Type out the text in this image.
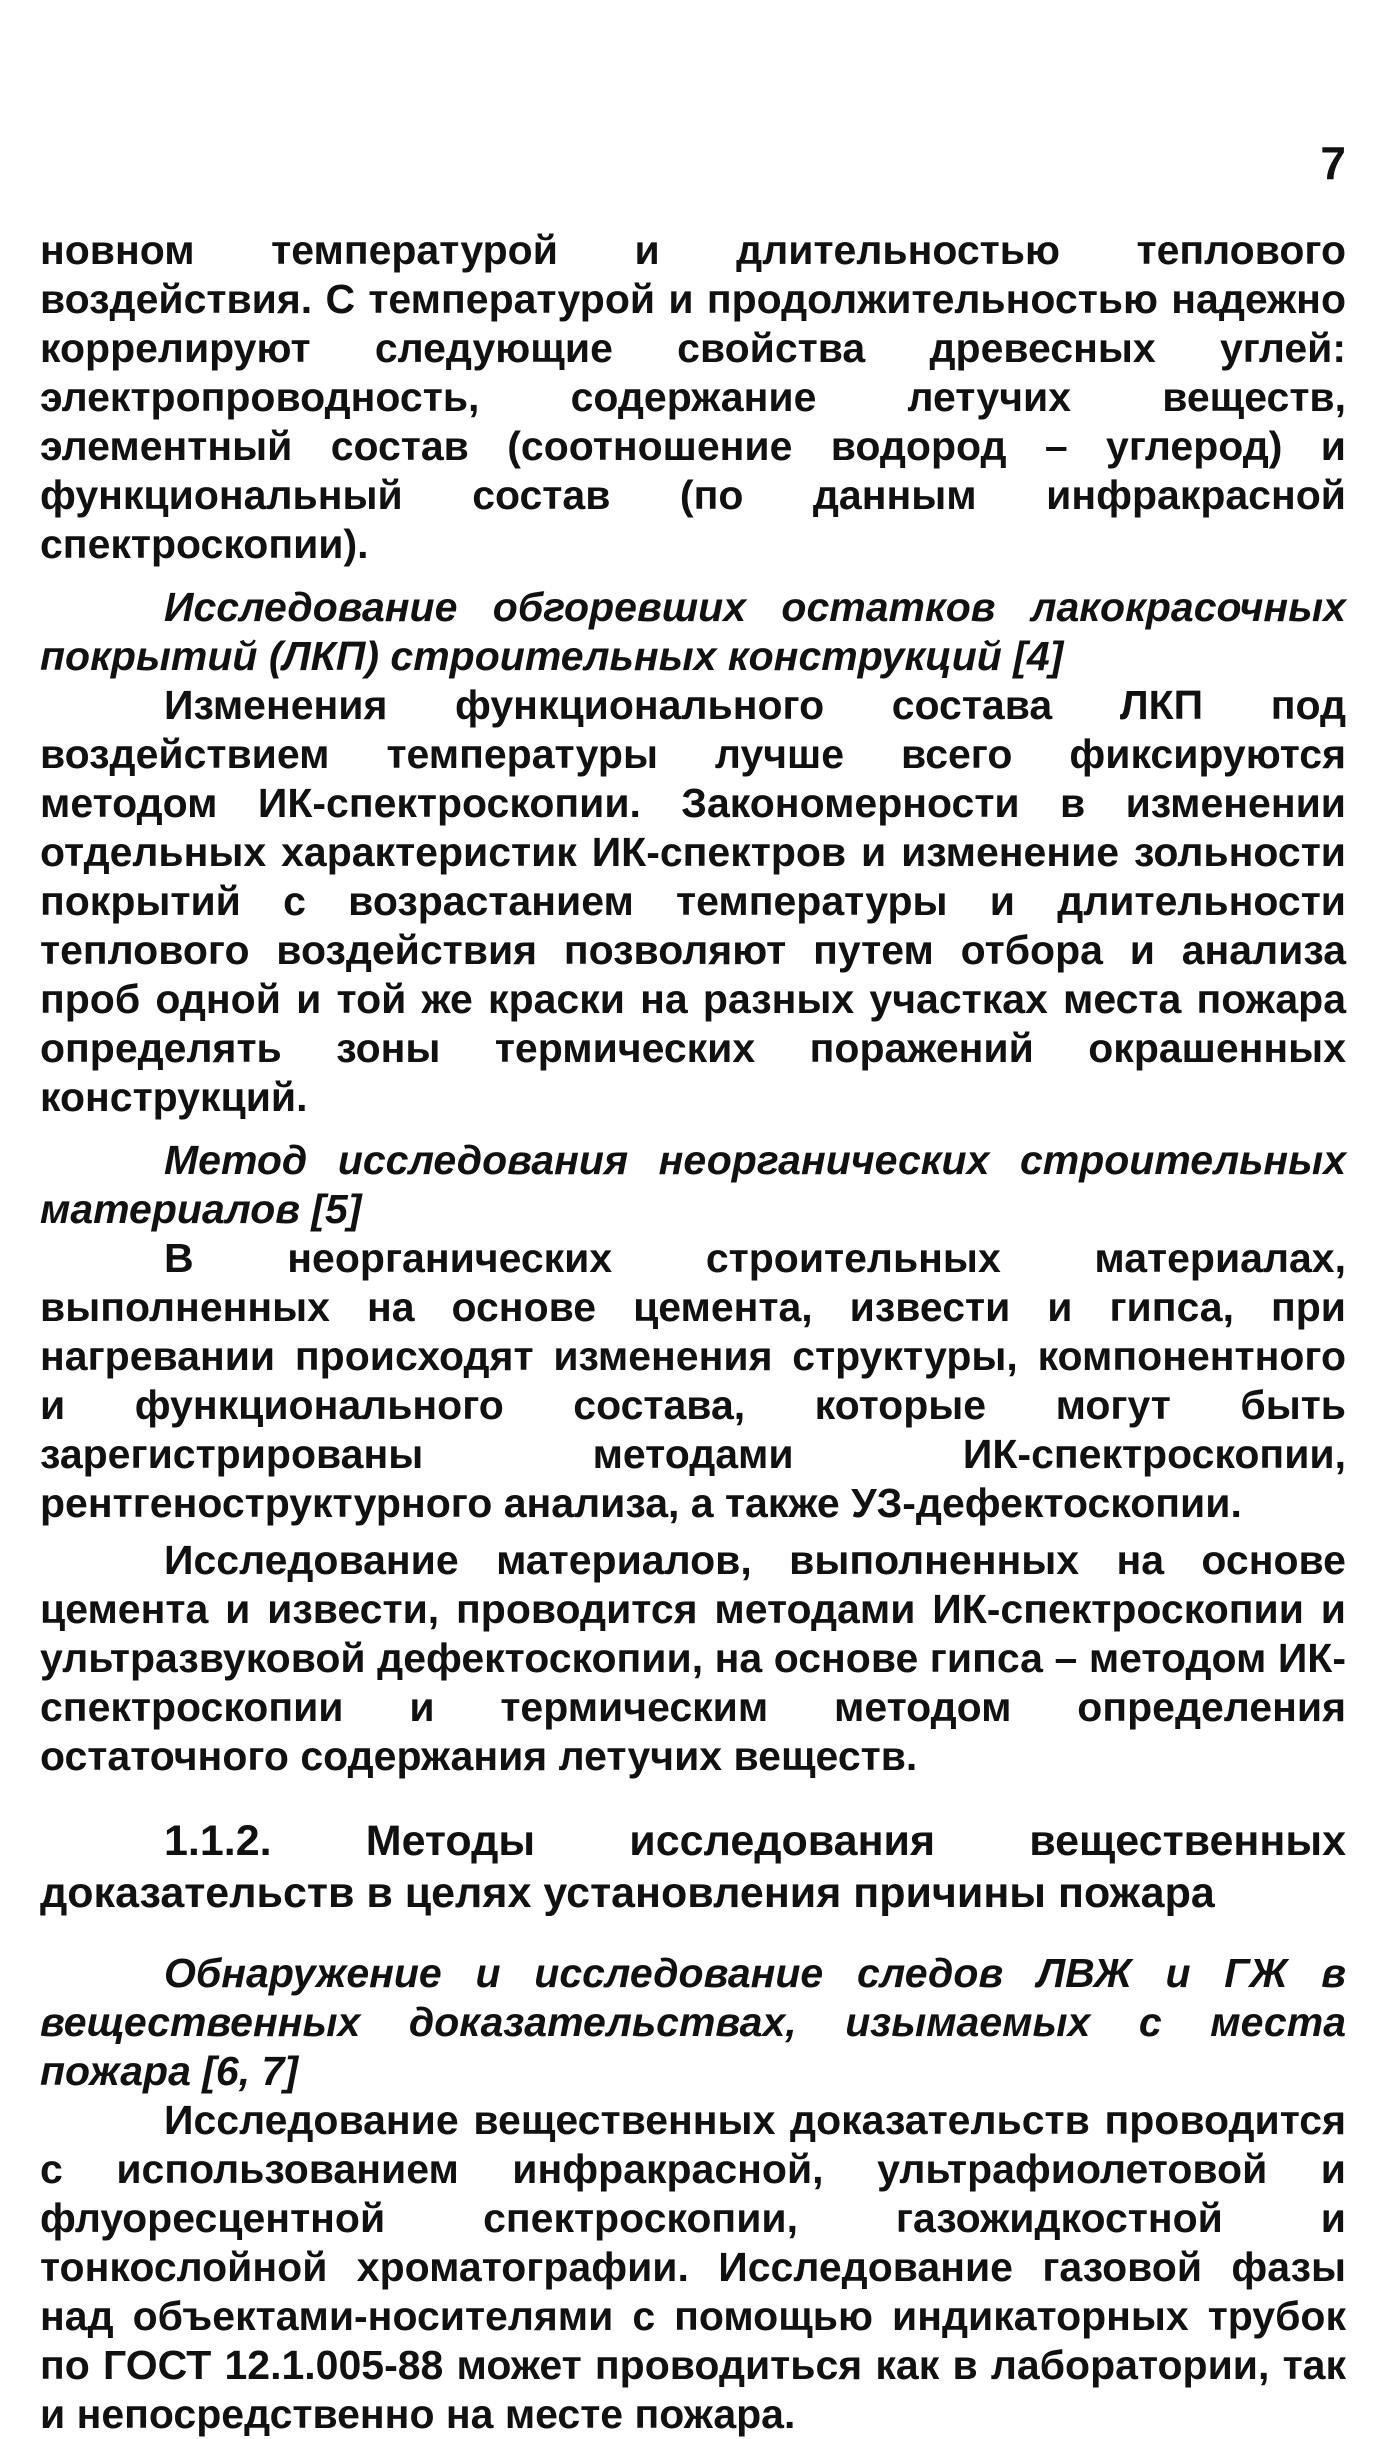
7

новном температурой и длительностью теплового воздействия. С температурой и продолжительностью надежно коррелируют следующие свойства древесных углей: электропроводность, содержание летучих веществ, элементный состав (соотношение водород – углерод) и функциональный состав (по данным инфракрасной спектроскопии).

Исследование обгоревших остатков лакокрасочных покрытий (ЛКП) строительных конструкций [4]

Изменения функционального состава ЛКП под воздействием температуры лучше всего фиксируются методом ИК-спектроскопии. Закономерности в изменении отдельных характеристик ИК-спектров и изменение зольности покрытий с возрастанием температуры и длительности теплового воздействия позволяют путем отбора и анализа проб одной и той же краски на разных участках места пожара определять зоны термических поражений окрашенных конструкций.

Метод исследования неорганических строительных материалов [5]

В неорганических строительных материалах, выполненных на основе цемента, извести и гипса, при нагревании происходят изменения структуры, компонентного и функционального состава, которые могут быть зарегистрированы методами ИК-спектроскопии, рентгеноструктурного анализа, а также УЗ-дефектоскопии.

Исследование материалов, выполненных на основе цемента и извести, проводится методами ИК-спектроскопии и ультразвуковой дефектоскопии, на основе гипса – методом ИК-спектроскопии и термическим методом определения остаточного содержания летучих веществ.

1.1.2. Методы исследования вещественных доказательств в целях установления причины пожара

Обнаружение и исследование следов ЛВЖ и ГЖ в вещественных доказательствах, изымаемых с места пожара [6, 7]

Исследование вещественных доказательств проводится с использованием инфракрасной, ультрафиолетовой и флуоресцентной спектроскопии, газожидкостной и тонкослойной хроматографии. Исследование газовой фазы над объектами-носителями с помощью индикаторных трубок по ГОСТ 12.1.005-88 может проводиться как в лаборатории, так и непосредственно на месте пожара.
